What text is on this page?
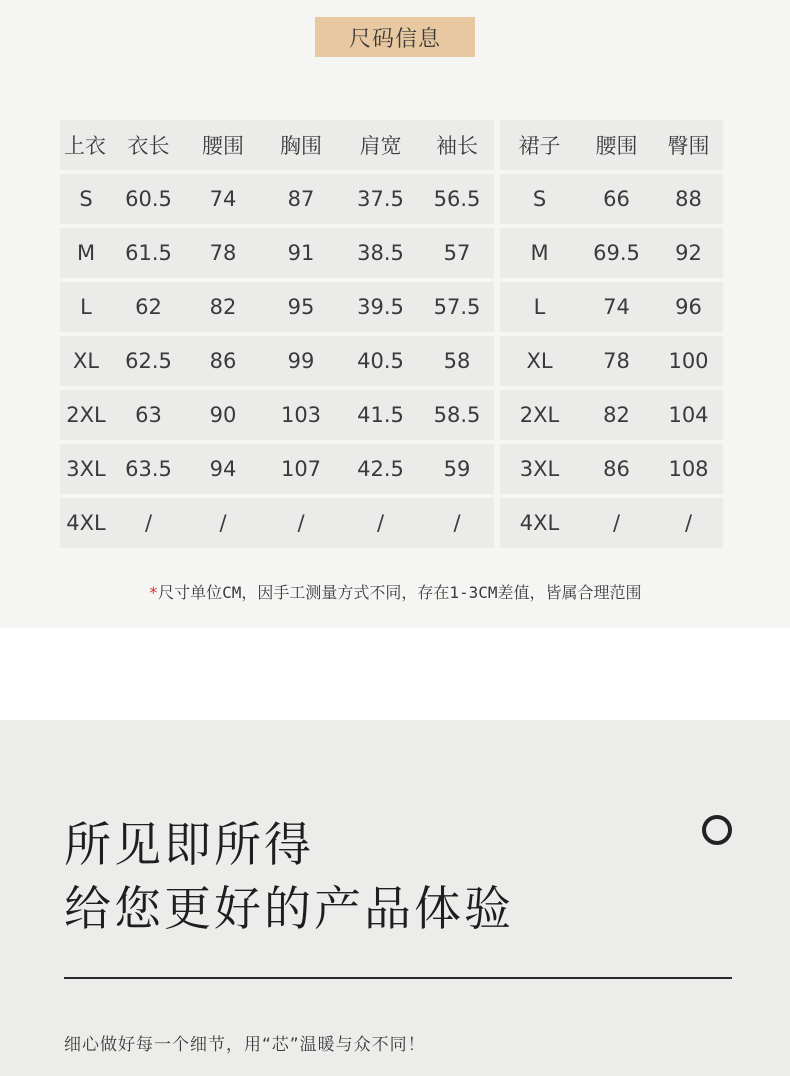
尺码信息
上衣	衣长	腰围	胸围	肩宽	袖长	裙子	腰围	臀围
S	60.5	74	87	37.5	56.5	S	66	88
M	61.5	78	91	38.5	57	M	69.5	92
L	62	82	95	39.5	57.5	L	74	96
XL	62.5	86	99	40.5	58	XL	78	100
2XL	63	90	103	41.5	58.5	2XL	82	104
3XL 63.5	94	107	42.5	59	3XL	86	108
4XL	/	/	/	/	/	4XL	/	/
*尺寸单位CM，因手工测量方式不同，存在1-3CM差值，皆属合理范围
所见即所得
给您更好的产品体验
细心做好每一个细节，用“芯”温暖与众不同！
